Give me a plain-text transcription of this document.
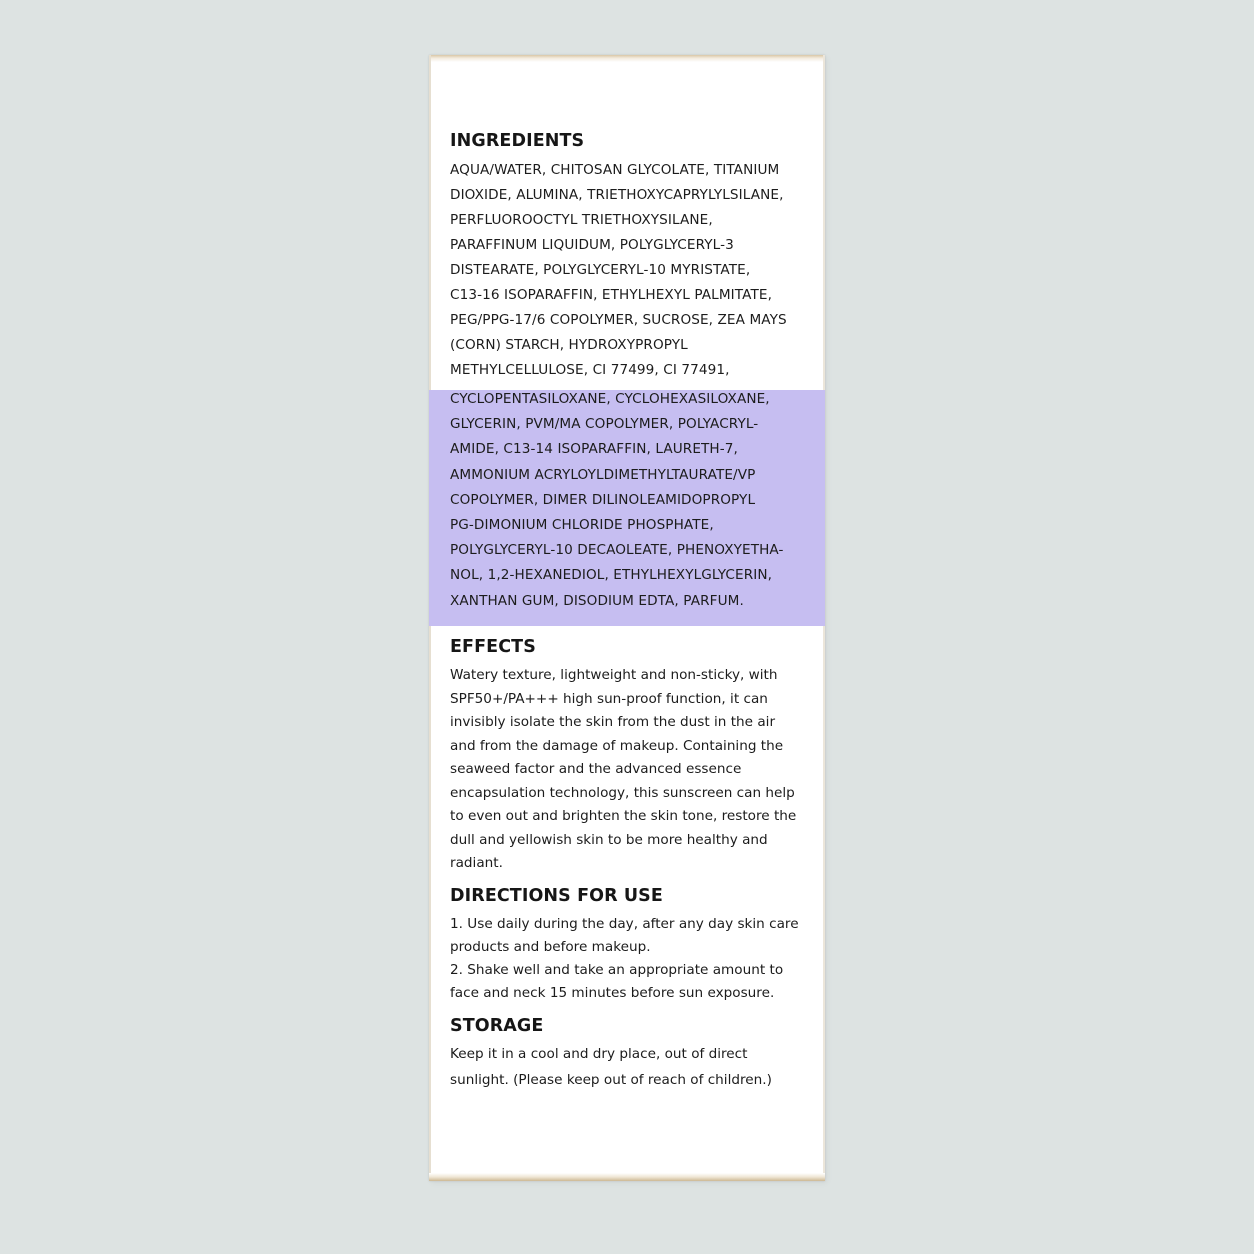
INGREDIENTS
AQUA/WATER, CHITOSAN GLYCOLATE, TITANIUM
DIOXIDE, ALUMINA, TRIETHOXYCAPRYLYLSILANE,
PERFLUOROOCTYL TRIETHOXYSILANE,
PARAFFINUM LIQUIDUM, POLYGLYCERYL-3
DISTEARATE, POLYGLYCERYL-10 MYRISTATE,
C13-16 ISOPARAFFIN, ETHYLHEXYL PALMITATE,
PEG/PPG-17/6 COPOLYMER, SUCROSE, ZEA MAYS
(CORN) STARCH, HYDROXYPROPYL
METHYLCELLULOSE, CI 77499, CI 77491,
CYCLOPENTASILOXANE, CYCLOHEXASILOXANE,
GLYCERIN, PVM/MA COPOLYMER, POLYACRYL-
AMIDE, C13-14 ISOPARAFFIN, LAURETH-7,
AMMONIUM ACRYLOYLDIMETHYLTAURATE/VP
COPOLYMER, DIMER DILINOLEAMIDOPROPYL
PG-DIMONIUM CHLORIDE PHOSPHATE,
POLYGLYCERYL-10 DECAOLEATE, PHENOXYETHA-
NOL, 1,2-HEXANEDIOL, ETHYLHEXYLGLYCERIN,
XANTHAN GUM, DISODIUM EDTA, PARFUM.
EFFECTS
Watery texture, lightweight and non-sticky, with
SPF50+/PA+++ high sun-proof function, it can
invisibly isolate the skin from the dust in the air
and from the damage of makeup. Containing the
seaweed factor and the advanced essence
encapsulation technology, this sunscreen can help
to even out and brighten the skin tone, restore the
dull and yellowish skin to be more healthy and
radiant.
DIRECTIONS FOR USE
1. Use daily during the day, after any day skin care
products and before makeup.
2. Shake well and take an appropriate amount to
face and neck 15 minutes before sun exposure.
STORAGE
Keep it in a cool and dry place, out of direct
sunlight. (Please keep out of reach of children.)
